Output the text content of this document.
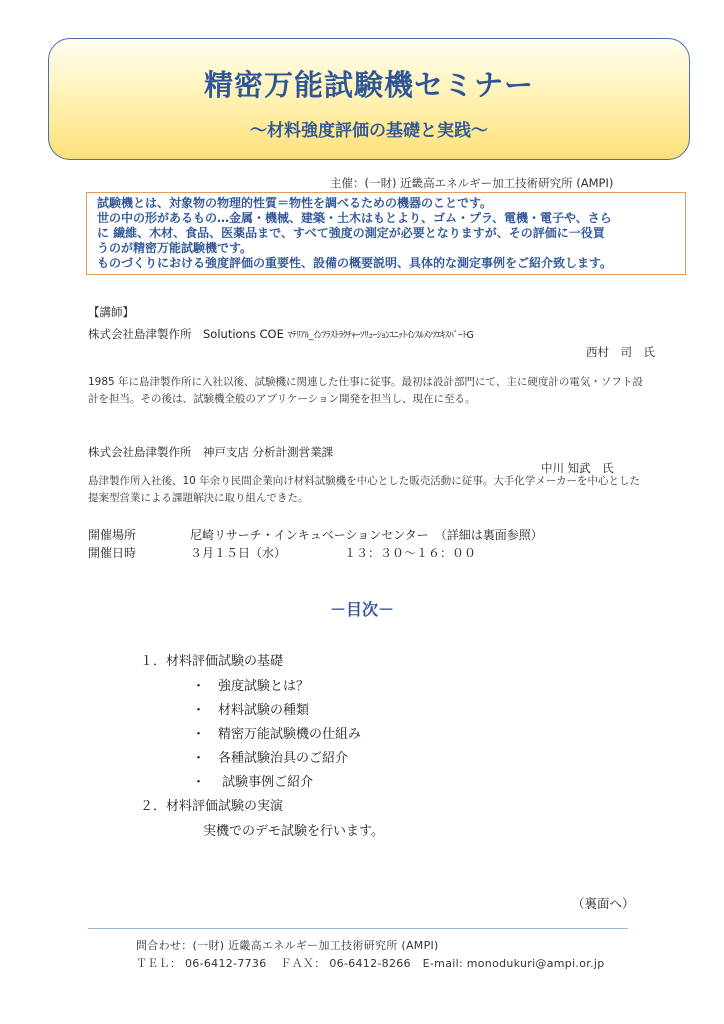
精密万能試験機セミナー
～材料強度評価の基礎と実践～
主催：(一財) 近畿高エネルギー加工技術研究所 (AMPI)

試験機とは、対象物の物理的性質＝物性を調べるための機器のことです。

世の中の形があるもの…金属・機械、建築・土木はもとより、ゴム・プラ、電機・電子や、さら

に 繊維、木材、食品、医薬品まで、すべて強度の測定が必要となりますが、その評価に一役買

うのが精密万能試験機です。

ものづくりにおける強度評価の重要性、設備の概要説明、具体的な測定事例をご紹介致します。

【講師】
株式会社島津製作所　Solutions COE ﾏﾃﾘｱﾙ_ｲﾝﾌﾗｽﾄﾗｸﾁｬｰｿﾘｭｰｼｮﾝﾕﾆｯﾄｲﾝｽﾙﾒﾝﾂｴｷｽﾊﾟｰﾄG
西村　司　氏
1985 年に島津製作所に入社以後、試験機に関連した仕事に従事。最初は設計部門にて、主に硬度計の電気・ソフト設
計を担当。その後は、試験機全般のアプリケーション開発を担当し、現在に至る。
株式会社島津製作所　神戸支店 分析計測営業課
中川 知武　氏
島津製作所入社後、10 年余り民間企業向け材料試験機を中心とした販売活動に従事。大手化学メーカーを中心とした
提案型営業による課題解決に取り組んできた。
開催場所	尼崎リサーチ・インキュベーションセンター　（詳細は裏面参照）
開催日時	３月１５日（水）	１３：３０～１６：００
－目次－
１．材料評価試験の基礎
・　強度試験とは？
・　材料試験の種類
・　精密万能試験機の仕組み
・　各種試験治具のご紹介
・　 試験事例ご紹介
２．材料評価試験の実演
実機でのデモ試験を行います。
（裏面へ）
問合わせ：(一財) 近畿高エネルギー加工技術研究所 (AMPI)
ＴＥＬ： 06-6412-7736 ＦＡＸ： 06-6412-8266 E-mail: monodukuri@ampi.or.jp
